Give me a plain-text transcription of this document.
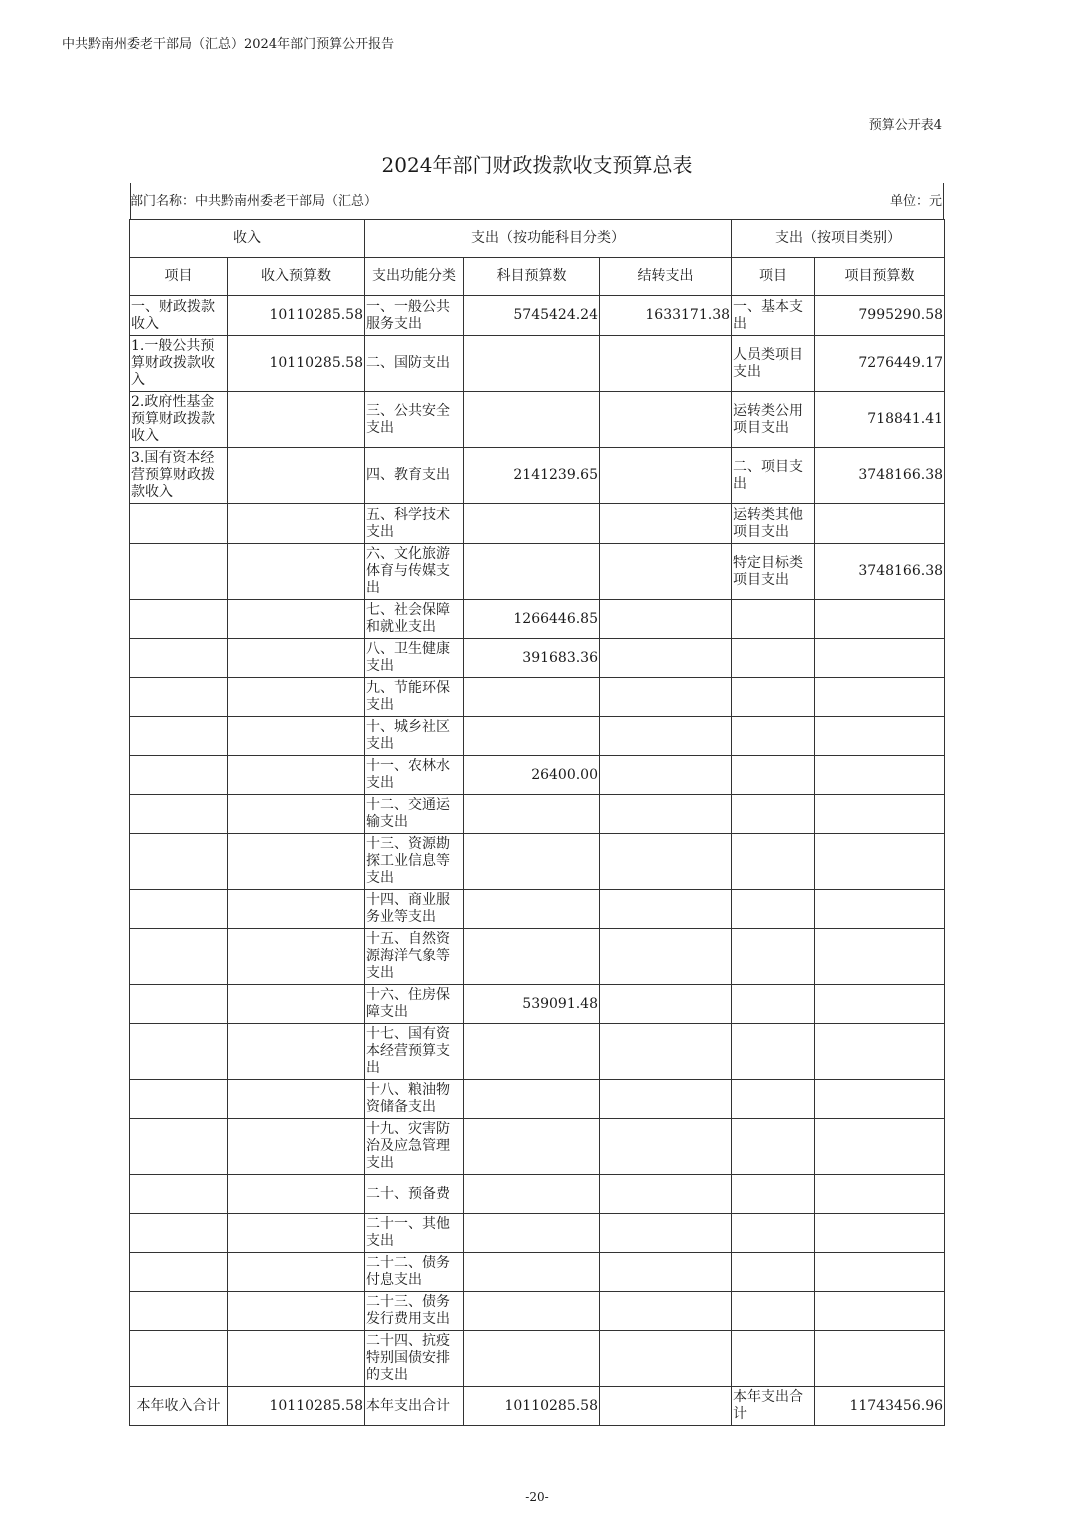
中共黔南州委老干部局（汇总）2024年部门预算公开报告
预算公开表4
2024年部门财政拨款收支预算总表
部门名称：中共黔南州委老干部局（汇总）	单位：元
收入		支出（按功能科目分类）			支出（按项目类别）	
项目	收入预算数	支出功能分类	科目预算数	结转支出	项目	项目预算数
一、财政拨款收入	10110285.58	一、一般公共服务支出	5745424.24	1633171.38	一、基本支出	7995290.58
1.一般公共预算财政拨款收入	10110285.58	二、国防支出			人员类项目支出	7276449.17
2.政府性基金预算财政拨款收入		三、公共安全支出			运转类公用项目支出	718841.41
3.国有资本经营预算财政拨款收入		四、教育支出	2141239.65		二、项目支出	3748166.38
		五、科学技术支出			运转类其他项目支出	
		六、文化旅游体育与传媒支出			特定目标类项目支出	3748166.38
		七、社会保障和就业支出	1266446.85			
		八、卫生健康支出	391683.36			
		九、节能环保支出				
		十、城乡社区支出				
		十一、农林水支出	26400.00			
		十二、交通运输支出				
		十三、资源勘探工业信息等支出				
		十四、商业服务业等支出				
		十五、自然资源海洋气象等支出				
		十六、住房保障支出	539091.48			
		十七、国有资本经营预算支出				
		十八、粮油物资储备支出				
		十九、灾害防治及应急管理支出				
		二十、预备费				
		二十一、其他支出				
		二十二、债务付息支出				
		二十三、债务发行费用支出				
		二十四、抗疫特别国债安排的支出				
本年收入合计	10110285.58	本年支出合计	10110285.58		本年支出合计	11743456.96
-20-
